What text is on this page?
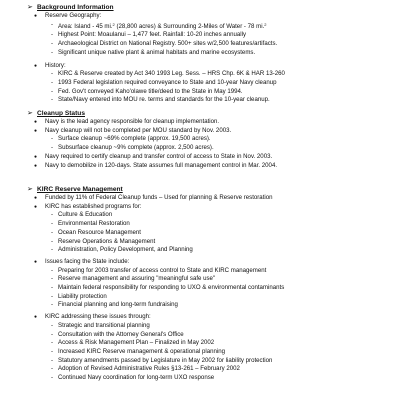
➢ Background Information
● Reserve Geography:
- Area: Island - 45 mi.$^2$ (28,800 acres) & Surrounding 2-Miles of Water - 78 mi.$^2$
- Highest Point: Moaulanui – 1,477 feet. Rainfall: 10-20 inches annually
- Archaeological District on National Registry. 500+ sites w/2,500 features/artifacts.
- Significant unique native plant & animal habitats and marine ecosystems.
● History:
- KIRC & Reserve created by Act 340 1993 Leg. Sess. – HRS Chp. 6K & HAR 13-260
- 1993 Federal legislation required conveyance to State and 10-year Navy cleanup
- Fed. Gov't conveyed Kaho'olawe title/deed to the State in May 1994.
- State/Navy entered into MOU re. terms and standards for the 10-year cleanup.
➢ Cleanup Status
● Navy is the lead agency responsible for cleanup implementation.
● Navy cleanup will not be completed per MOU standard by Nov. 2003.
- Surface cleanup ~69% complete (approx. 19,500 acres).
- Subsurface cleanup ~9% complete (approx. 2,500 acres).
● Navy required to certify cleanup and transfer control of access to State in Nov. 2003.
● Navy to demobilize in 120-days. State assumes full management control in Mar. 2004.
➢ KIRC Reserve Management
● Funded by 11% of Federal Cleanup funds – Used for planning & Reserve restoration
● KIRC has established programs for:
- Culture & Education
- Environmental Restoration
- Ocean Resource Management
- Reserve Operations & Management
- Administration, Policy Development, and Planning
● Issues facing the State include:
- Preparing for 2003 transfer of access control to State and KIRC management
- Reserve management and assuring "meaningful safe use"
- Maintain federal responsibility for responding to UXO & environmental contaminants
- Liability protection
- Financial planning and long-term fundraising
● KIRC addressing these issues through:
- Strategic and transitional planning
- Consultation with the Attorney General's Office
- Access & Risk Management Plan – Finalized in May 2002
- Increased KIRC Reserve management & operational planning
- Statutory amendments passed by Legislature in May 2002 for liability protection
- Adoption of Revised Administrative Rules §13-261 – February 2002
- Continued Navy coordination for long-term UXO response
